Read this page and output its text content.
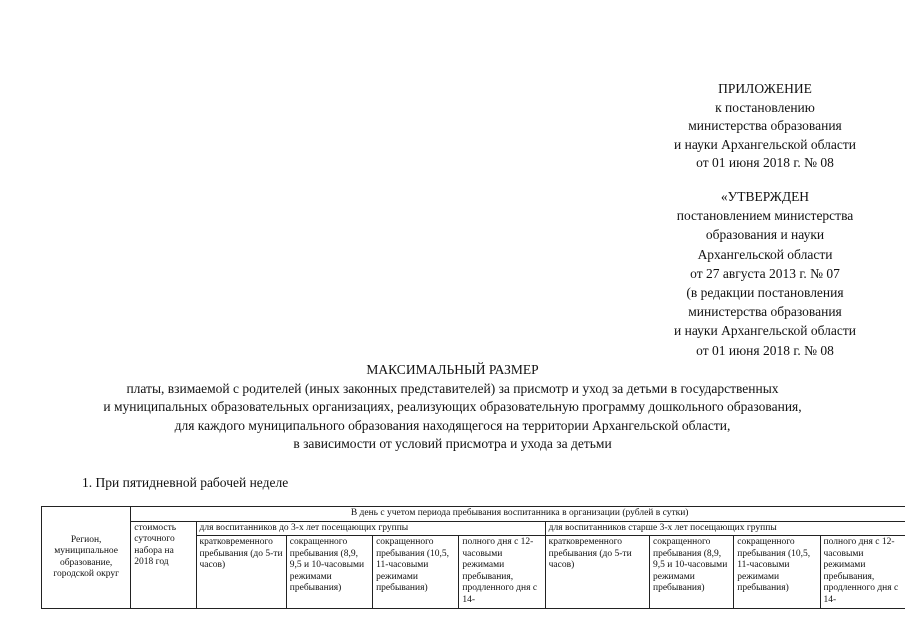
ПРИЛОЖЕНИЕ
к постановлению
министерства образования
и науки Архангельской области
от 01 июня 2018 г. № 08
«УТВЕРЖДЕН
постановлением министерства
образования и науки
Архангельской области
от 27 августа 2013 г. № 07
(в редакции постановления
министерства образования
и науки Архангельской области
от 01 июня 2018 г. № 08
МАКСИМАЛЬНЫЙ РАЗМЕР
платы, взимаемой с родителей (иных законных представителей) за присмотр и уход за детьми в государственных
и муниципальных образовательных организациях, реализующих образовательную программу дошкольного образования,
для каждого муниципального образования находящегося на территории Архангельской области,
в зависимости от условий присмотра и ухода за детьми
1. При пятидневной рабочей неделе
Регион, муниципальное образование, городской округ	В день с учетом периода пребывания воспитанника в организации (рублей в сутки)								
	стоимость суточного набора на 2018 год	для воспитанников до 3-х лет посещающих группы				для воспитанников старше 3-х лет посещающих группы			

		кратковременного пребывания (до 5-ти часов)	сокращенного пребывания (8,9, 9,5 и 10-часовыми режимами пребывания)	сокращенного пребывания (10,5, 11-часовыми режимами пребывания)	полного дня с 12-часовыми режимами пребывания, продленного дня с 14-	кратковременного пребывания (до 5-ти часов)	сокращенного пребывания (8,9, 9,5 и 10-часовыми режимами пребывания)	сокращенного пребывания (10,5, 11-часовыми режимами пребывания)	полного дня с 12-часовыми режимами пребывания, продленного дня с 14-
